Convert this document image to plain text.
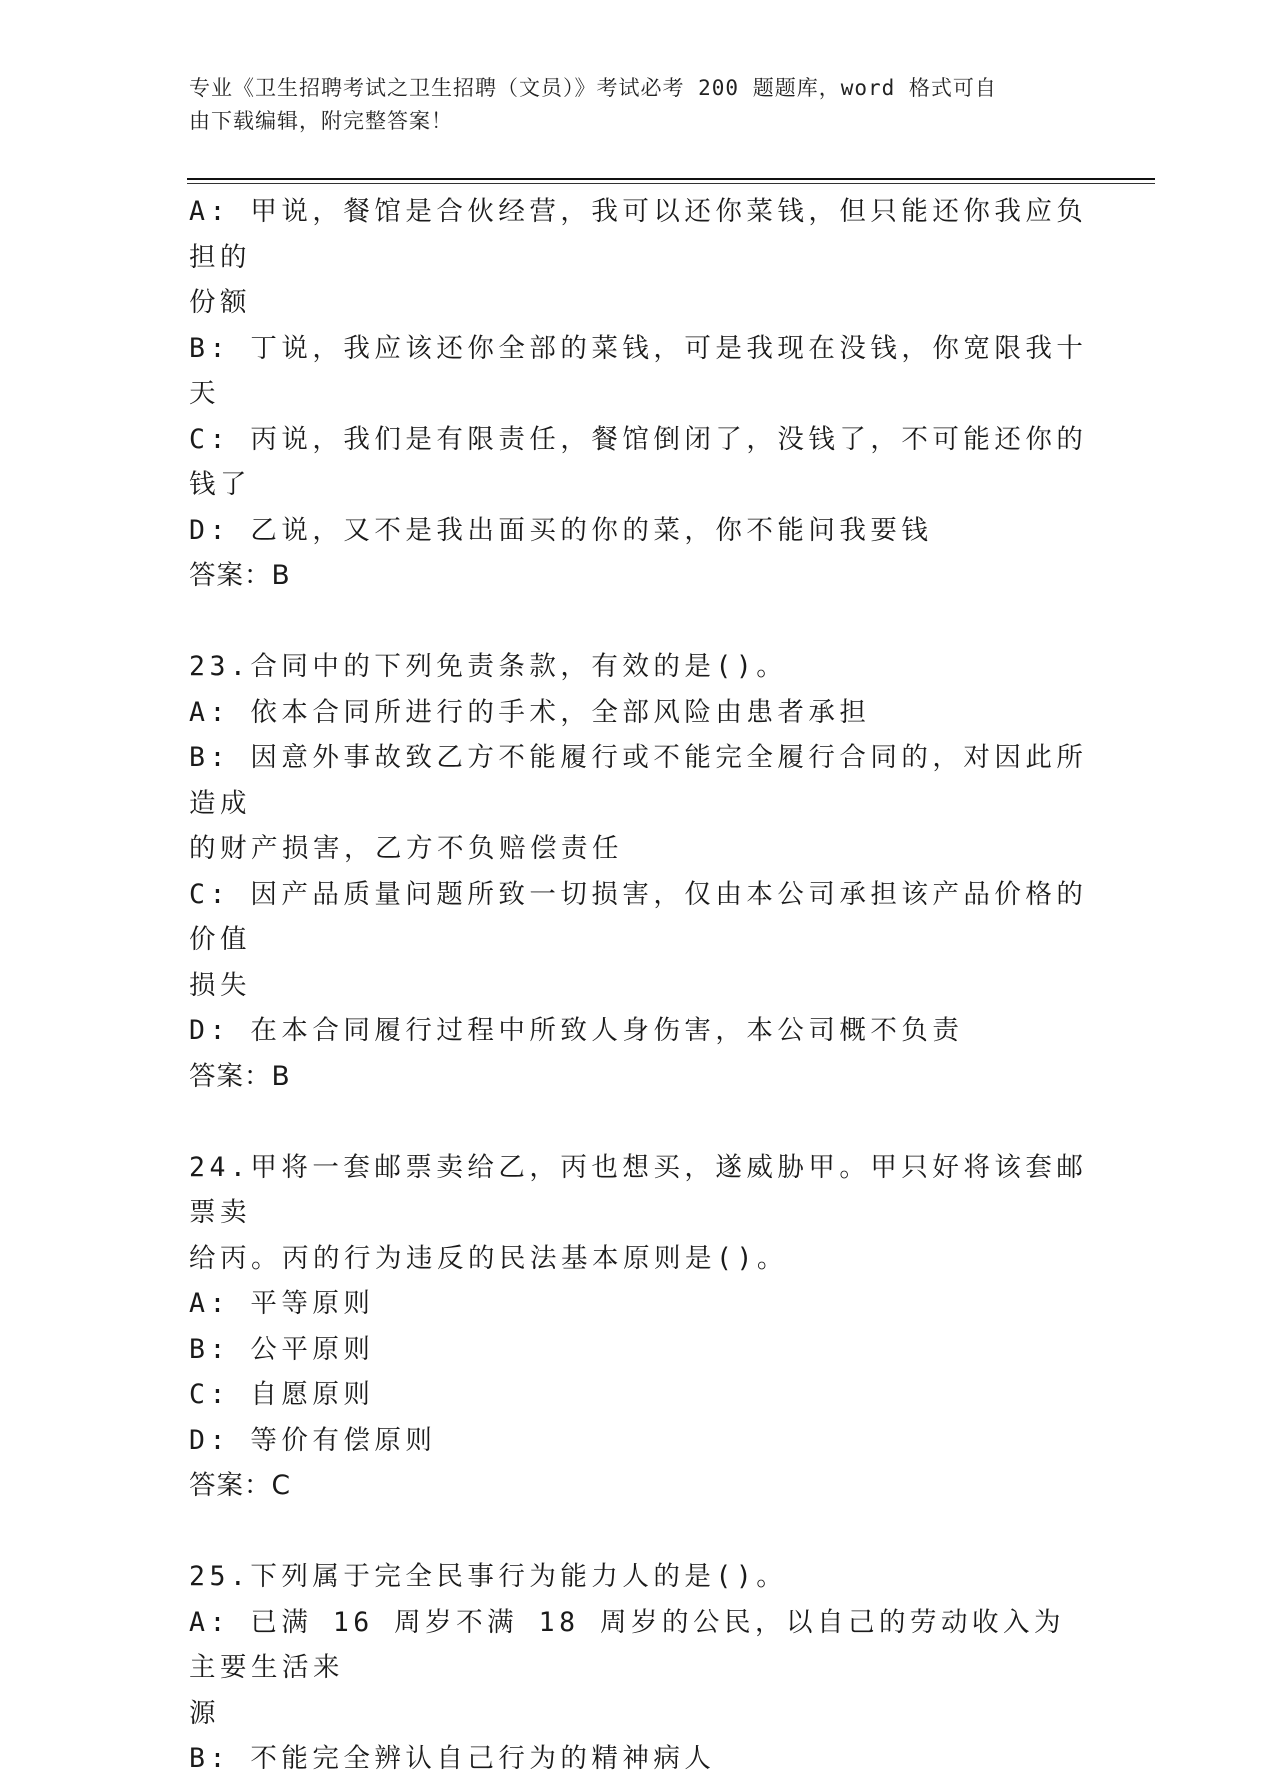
专业《卫生招聘考试之卫生招聘（文员）》考试必考 200 题题库，word 格式可自
由下载编辑，附完整答案！
A: 甲说，餐馆是合伙经营，我可以还你菜钱，但只能还你我应负担的
份额
B: 丁说，我应该还你全部的菜钱，可是我现在没钱，你宽限我十天
C: 丙说，我们是有限责任，餐馆倒闭了，没钱了，不可能还你的钱了
D: 乙说，又不是我出面买的你的菜，你不能问我要钱
答案：B
23.合同中的下列免责条款，有效的是()。
A: 依本合同所进行的手术，全部风险由患者承担
B: 因意外事故致乙方不能履行或不能完全履行合同的，对因此所造成
的财产损害，乙方不负赔偿责任
C: 因产品质量问题所致一切损害，仅由本公司承担该产品价格的价值
损失
D: 在本合同履行过程中所致人身伤害，本公司概不负责
答案：B
24.甲将一套邮票卖给乙，丙也想买，遂威胁甲。甲只好将该套邮票卖
给丙。丙的行为违反的民法基本原则是()。
A: 平等原则
B: 公平原则
C: 自愿原则
D: 等价有偿原则
答案：C
25.下列属于完全民事行为能力人的是()。
A: 已满 16 周岁不满 18 周岁的公民，以自己的劳动收入为主要生活来
源
B: 不能完全辨认自己行为的精神病人
